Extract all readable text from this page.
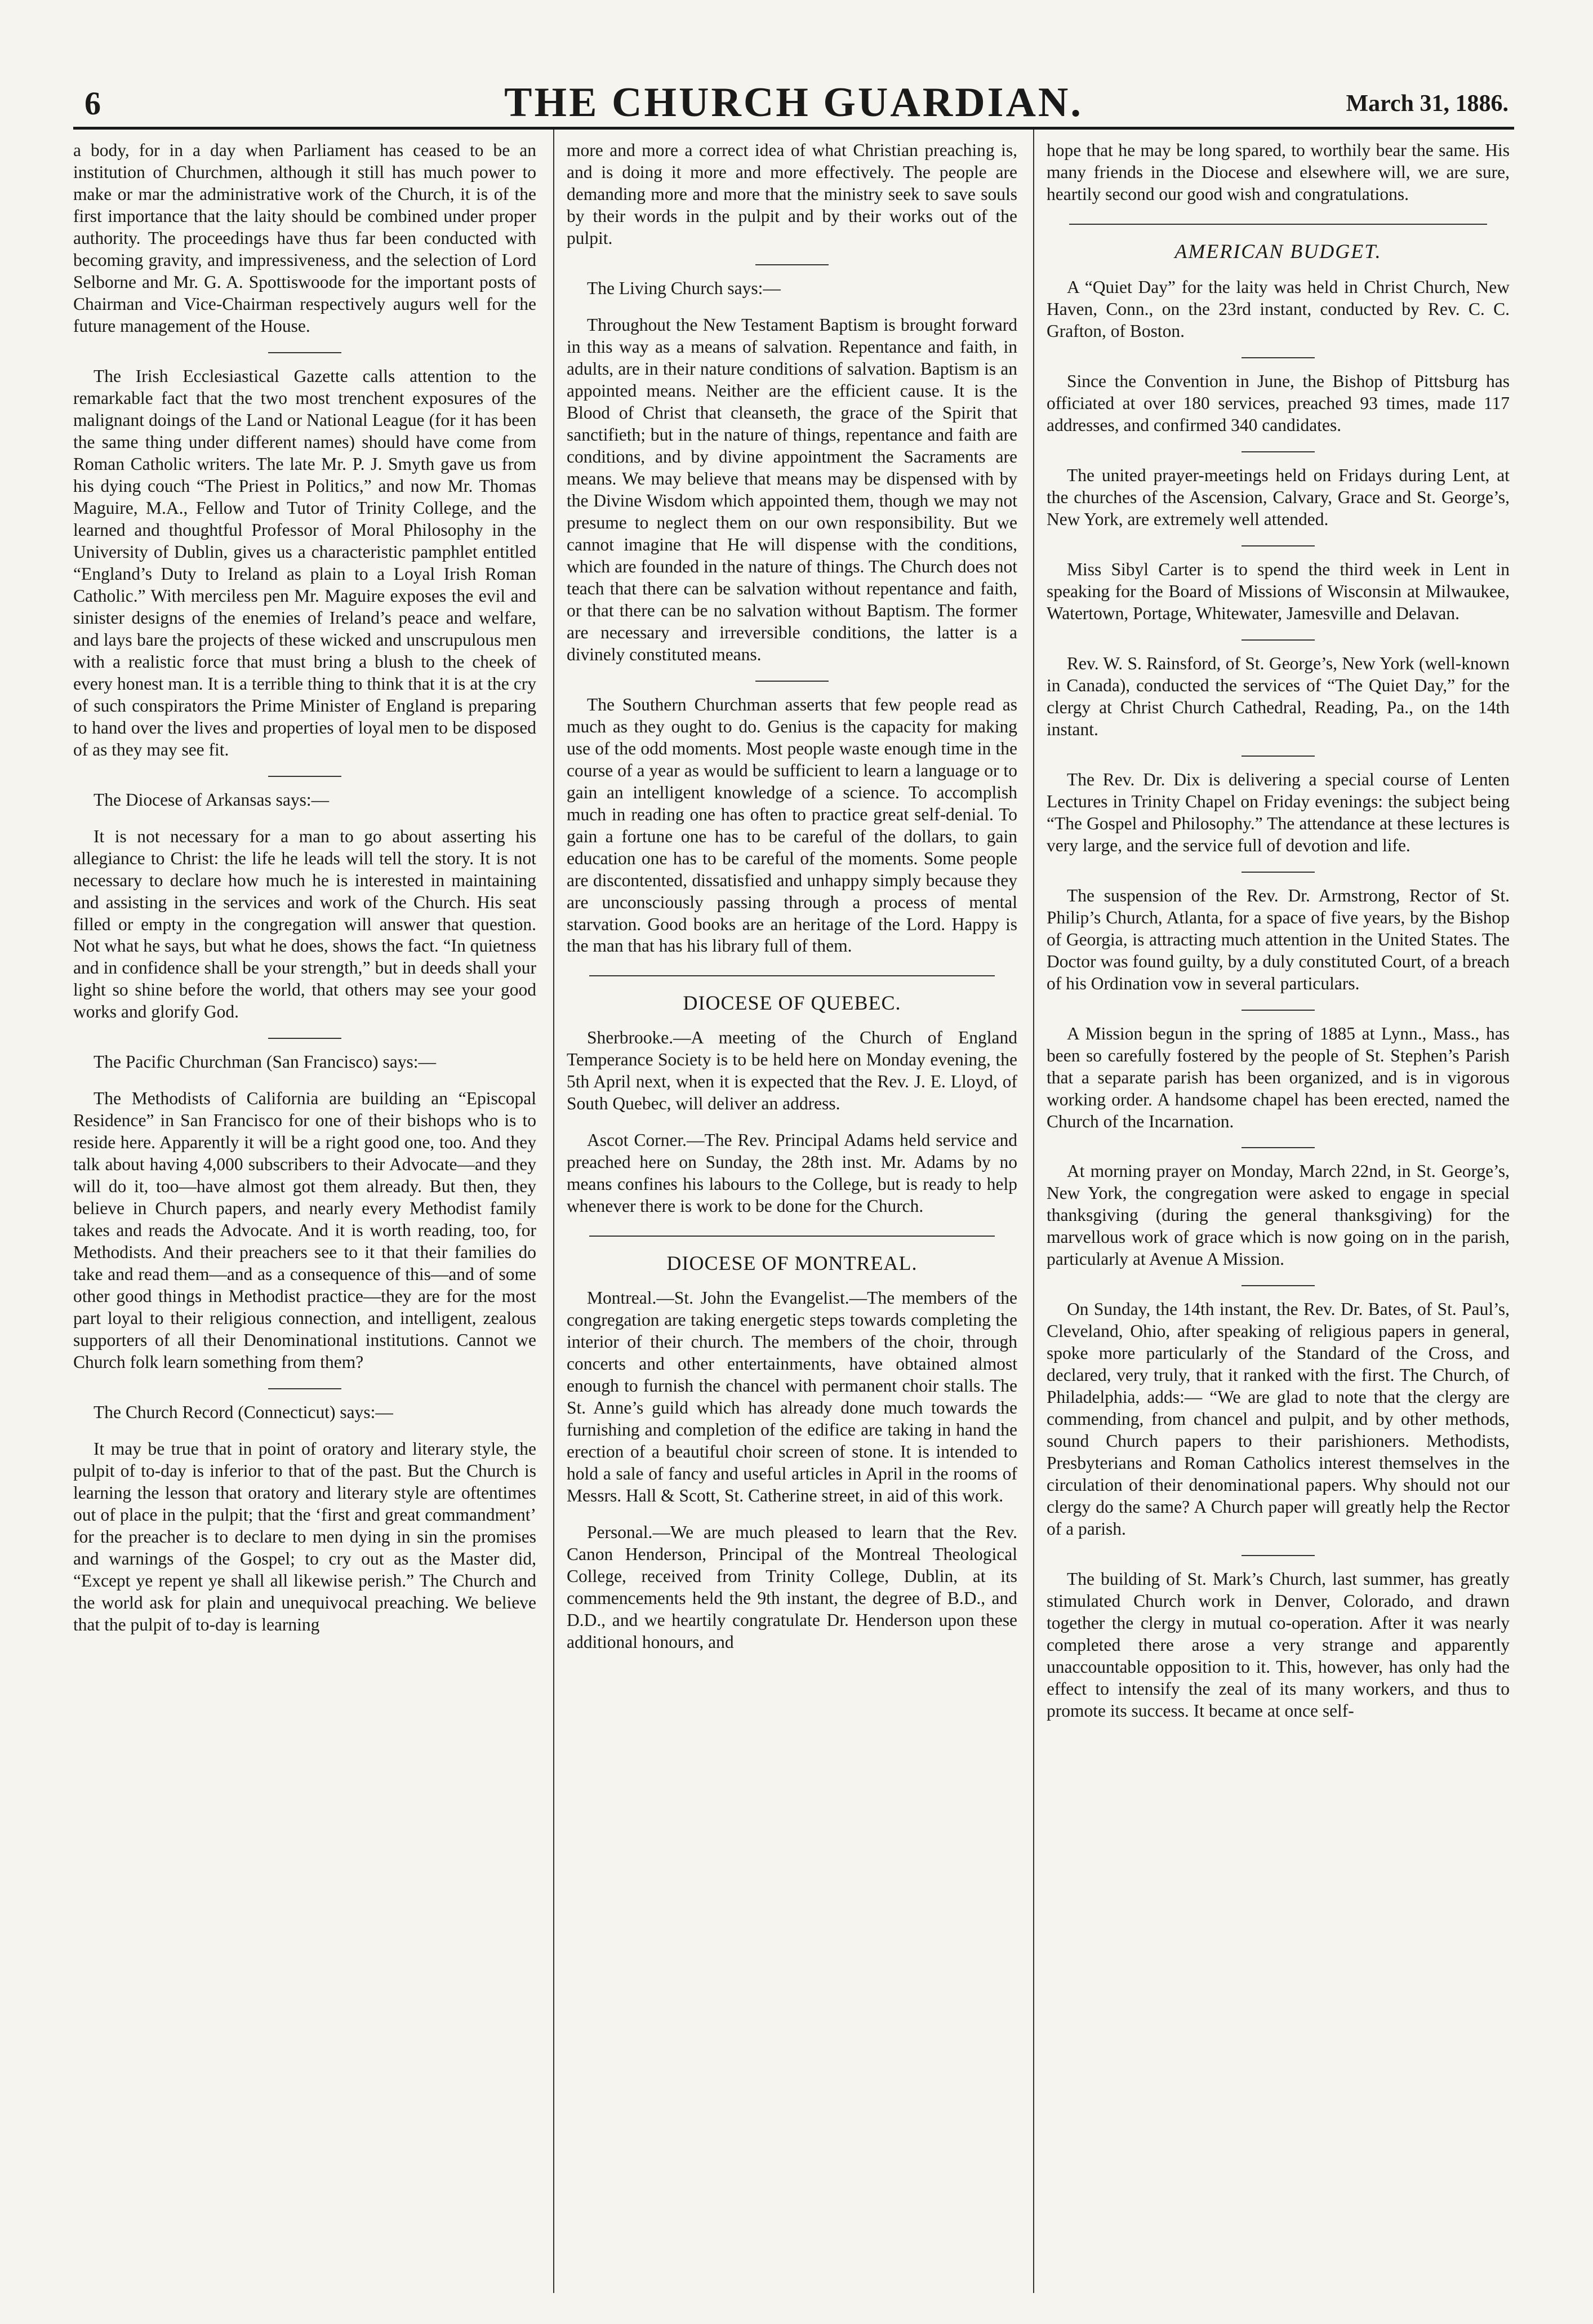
6	THE CHURCH GUARDIAN.	March 31, 1886.

a body, for in a day when Parliament has ceased to be an institution of Churchmen, although it still has much power to make or mar the administrative work of the Church, it is of the first importance that the laity should be combined under proper authority. The proceedings have thus far been conducted with becoming gravity, and impressiveness, and the selection of Lord Selborne and Mr. G. A. Spottiswoode for the important posts of Chairman and Vice-Chairman respectively augurs well for the future management of the House.

The Irish Ecclesiastical Gazette calls attention to the remarkable fact that the two most trenchent exposures of the malignant doings of the Land or National League (for it has been the same thing under different names) should have come from Roman Catholic writers. The late Mr. P. J. Smyth gave us from his dying couch “The Priest in Politics,” and now Mr. Thomas Maguire, M.A., Fellow and Tutor of Trinity College, and the learned and thoughtful Professor of Moral Philosophy in the University of Dublin, gives us a characteristic pamphlet entitled “England’s Duty to Ireland as plain to a Loyal Irish Roman Catholic.” With merciless pen Mr. Maguire exposes the evil and sinister designs of the enemies of Ireland’s peace and welfare, and lays bare the projects of these wicked and unscrupulous men with a realistic force that must bring a blush to the cheek of every honest man. It is a terrible thing to think that it is at the cry of such conspirators the Prime Minister of England is preparing to hand over the lives and properties of loyal men to be disposed of as they may see fit.

The Diocese of Arkansas says:—

It is not necessary for a man to go about asserting his allegiance to Christ: the life he leads will tell the story. It is not necessary to declare how much he is interested in maintaining and assisting in the services and work of the Church. His seat filled or empty in the congregation will answer that question. Not what he says, but what he does, shows the fact. “In quietness and in confidence shall be your strength,” but in deeds shall your light so shine before the world, that others may see your good works and glorify God.

The Pacific Churchman (San Francisco) says:—

The Methodists of California are building an “Episcopal Residence” in San Francisco for one of their bishops who is to reside here. Apparently it will be a right good one, too. And they talk about having 4,000 subscribers to their Advocate—and they will do it, too—have almost got them already. But then, they believe in Church papers, and nearly every Methodist family takes and reads the Advocate. And it is worth reading, too, for Methodists. And their preachers see to it that their families do take and read them—and as a consequence of this—and of some other good things in Methodist practice—they are for the most part loyal to their religious connection, and intelligent, zealous supporters of all their Denominational institutions. Cannot we Church folk learn something from them?

The Church Record (Connecticut) says:—

It may be true that in point of oratory and literary style, the pulpit of to-day is inferior to that of the past. But the Church is learning the lesson that oratory and literary style are oftentimes out of place in the pulpit; that the ‘first and great commandment’ for the preacher is to declare to men dying in sin the promises and warnings of the Gospel; to cry out as the Master did, “Except ye repent ye shall all likewise perish.” The Church and the world ask for plain and unequivocal preaching. We believe that the pulpit of to-day is learning

more and more a correct idea of what Christian preaching is, and is doing it more and more effectively. The people are demanding more and more that the ministry seek to save souls by their words in the pulpit and by their works out of the pulpit.

The Living Church says:—

Throughout the New Testament Baptism is brought forward in this way as a means of salvation. Repentance and faith, in adults, are in their nature conditions of salvation. Baptism is an appointed means. Neither are the efficient cause. It is the Blood of Christ that cleanseth, the grace of the Spirit that sanctifieth; but in the nature of things, repentance and faith are conditions, and by divine appointment the Sacraments are means. We may believe that means may be dispensed with by the Divine Wisdom which appointed them, though we may not presume to neglect them on our own responsibility. But we cannot imagine that He will dispense with the conditions, which are founded in the nature of things. The Church does not teach that there can be salvation without repentance and faith, or that there can be no salvation without Baptism. The former are necessary and irreversible conditions, the latter is a divinely constituted means.

The Southern Churchman asserts that few people read as much as they ought to do. Genius is the capacity for making use of the odd moments. Most people waste enough time in the course of a year as would be sufficient to learn a language or to gain an intelligent knowledge of a science. To accomplish much in reading one has often to practice great self-denial. To gain a fortune one has to be careful of the dollars, to gain education one has to be careful of the moments. Some people are discontented, dissatisfied and unhappy simply because they are unconsciously passing through a process of mental starvation. Good books are an heritage of the Lord. Happy is the man that has his library full of them.

DIOCESE OF QUEBEC.

Sherbrooke.—A meeting of the Church of England Temperance Society is to be held here on Monday evening, the 5th April next, when it is expected that the Rev. J. E. Lloyd, of South Quebec, will deliver an address.

Ascot Corner.—The Rev. Principal Adams held service and preached here on Sunday, the 28th inst. Mr. Adams by no means confines his labours to the College, but is ready to help whenever there is work to be done for the Church.

DIOCESE OF MONTREAL.

Montreal.—St. John the Evangelist.—The members of the congregation are taking energetic steps towards completing the interior of their church. The members of the choir, through concerts and other entertainments, have obtained almost enough to furnish the chancel with permanent choir stalls. The St. Anne’s guild which has already done much towards the furnishing and completion of the edifice are taking in hand the erection of a beautiful choir screen of stone. It is intended to hold a sale of fancy and useful articles in April in the rooms of Messrs. Hall & Scott, St. Catherine street, in aid of this work.

Personal.—We are much pleased to learn that the Rev. Canon Henderson, Principal of the Montreal Theological College, received from Trinity College, Dublin, at its commencements held the 9th instant, the degree of B.D., and D.D., and we heartily congratulate Dr. Henderson upon these additional honours, and

hope that he may be long spared, to worthily bear the same. His many friends in the Diocese and elsewhere will, we are sure, heartily second our good wish and congratulations.

AMERICAN BUDGET.

A “Quiet Day” for the laity was held in Christ Church, New Haven, Conn., on the 23rd instant, conducted by Rev. C. C. Grafton, of Boston.

Since the Convention in June, the Bishop of Pittsburg has officiated at over 180 services, preached 93 times, made 117 addresses, and confirmed 340 candidates.

The united prayer-meetings held on Fridays during Lent, at the churches of the Ascension, Calvary, Grace and St. George’s, New York, are extremely well attended.

Miss Sibyl Carter is to spend the third week in Lent in speaking for the Board of Missions of Wisconsin at Milwaukee, Watertown, Portage, Whitewater, Jamesville and Delavan.

Rev. W. S. Rainsford, of St. George’s, New York (well-known in Canada), conducted the services of “The Quiet Day,” for the clergy at Christ Church Cathedral, Reading, Pa., on the 14th instant.

The Rev. Dr. Dix is delivering a special course of Lenten Lectures in Trinity Chapel on Friday evenings: the subject being “The Gospel and Philosophy.” The attendance at these lectures is very large, and the service full of devotion and life.

The suspension of the Rev. Dr. Armstrong, Rector of St. Philip’s Church, Atlanta, for a space of five years, by the Bishop of Georgia, is attracting much attention in the United States. The Doctor was found guilty, by a duly constituted Court, of a breach of his Ordination vow in several particulars.

A Mission begun in the spring of 1885 at Lynn., Mass., has been so carefully fostered by the people of St. Stephen’s Parish that a separate parish has been organized, and is in vigorous working order. A handsome chapel has been erected, named the Church of the Incarnation.

At morning prayer on Monday, March 22nd, in St. George’s, New York, the congregation were asked to engage in special thanksgiving (during the general thanksgiving) for the marvellous work of grace which is now going on in the parish, particularly at Avenue A Mission.

On Sunday, the 14th instant, the Rev. Dr. Bates, of St. Paul’s, Cleveland, Ohio, after speaking of religious papers in general, spoke more particularly of the Standard of the Cross, and declared, very truly, that it ranked with the first. The Church, of Philadelphia, adds:— “We are glad to note that the clergy are commending, from chancel and pulpit, and by other methods, sound Church papers to their parishioners. Methodists, Presbyterians and Roman Catholics interest themselves in the circulation of their denominational papers. Why should not our clergy do the same? A Church paper will greatly help the Rector of a parish.

The building of St. Mark’s Church, last summer, has greatly stimulated Church work in Denver, Colorado, and drawn together the clergy in mutual co-operation. After it was nearly completed there arose a very strange and apparently unaccountable opposition to it. This, however, has only had the effect to intensify the zeal of its many workers, and thus to promote its success. It became at once self-
